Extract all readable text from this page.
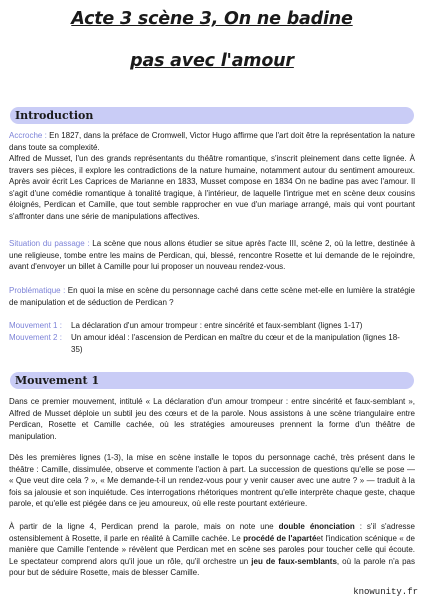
Acte 3 scène 3, On ne badine
pas avec l'amour
Introduction

Accroche : En 1827, dans la préface de Cromwell, Victor Hugo affirme que l'art doit être la représentation la nature dans toute sa complexité.

Alfred de Musset, l'un des grands représentants du théâtre romantique, s'inscrit pleinement dans cette lignée. À travers ses pièces, il explore les contradictions de la nature humaine, notamment autour du sentiment amoureux. Après avoir écrit Les Caprices de Marianne en 1833, Musset compose en 1834 On ne badine pas avec l'amour. Il s'agit d'une comédie romantique à tonalité tragique, à l'intérieur, de laquelle l'intrigue met en scène deux cousins éloignés, Perdican et Camille, que tout semble rapprocher en vue d'un mariage arrangé, mais qui vont pourtant s'affronter dans une série de manipulations affectives.

Situation du passage : La scène que nous allons étudier se situe après l'acte III, scène 2, où la lettre, destinée à une religieuse, tombe entre les mains de Perdican, qui, blessé, rencontre Rosette et lui demande de le rejoindre, avant d'envoyer un billet à Camille pour lui proposer un nouveau rendez-vous.

Problématique : En quoi la mise en scène du personnage caché dans cette scène met-elle en lumière la stratégie de manipulation et de séduction de Perdican ?

Mouvement 1 : La déclaration d'un amour trompeur : entre sincérité et faux-semblant (lignes 1-17)
Mouvement 2 : Un amour idéal : l'ascension de Perdican en maître du cœur et de la manipulation (lignes 18-35)
Mouvement 1

Dans ce premier mouvement, intitulé « La déclaration d'un amour trompeur : entre sincérité et faux-semblant », Alfred de Musset déploie un subtil jeu des cœurs et de la parole. Nous assistons à une scène triangulaire entre Perdican, Rosette et Camille cachée, où les stratégies amoureuses prennent la forme d'un théâtre de manipulation.

Dès les premières lignes (1-3), la mise en scène installe le topos du personnage caché, très présent dans le théâtre : Camille, dissimulée, observe et commente l'action à part. La succession de questions qu'elle se pose — « Que veut dire cela ? », « Me demande-t-il un rendez-vous pour y venir causer avec une autre ? » — traduit à la fois sa jalousie et son inquiétude. Ces interrogations rhétoriques montrent qu'elle interprète chaque geste, chaque parole, et qu'elle est piégée dans ce jeu amoureux, où elle reste pourtant extérieure.

À partir de la ligne 4, Perdican prend la parole, mais on note une double énonciation : s'il s'adresse ostensiblement à Rosette, il parle en réalité à Camille cachée. Le procédé de l'apartéet l'indication scénique « de manière que Camille l'entende » révèlent que Perdican met en scène ses paroles pour toucher celle qui écoute. Le spectateur comprend alors qu'il joue un rôle, qu'il orchestre un jeu de faux-semblants, où la parole n'a pas pour but de séduire Rosette, mais de blesser Camille.

knowunity.fr
